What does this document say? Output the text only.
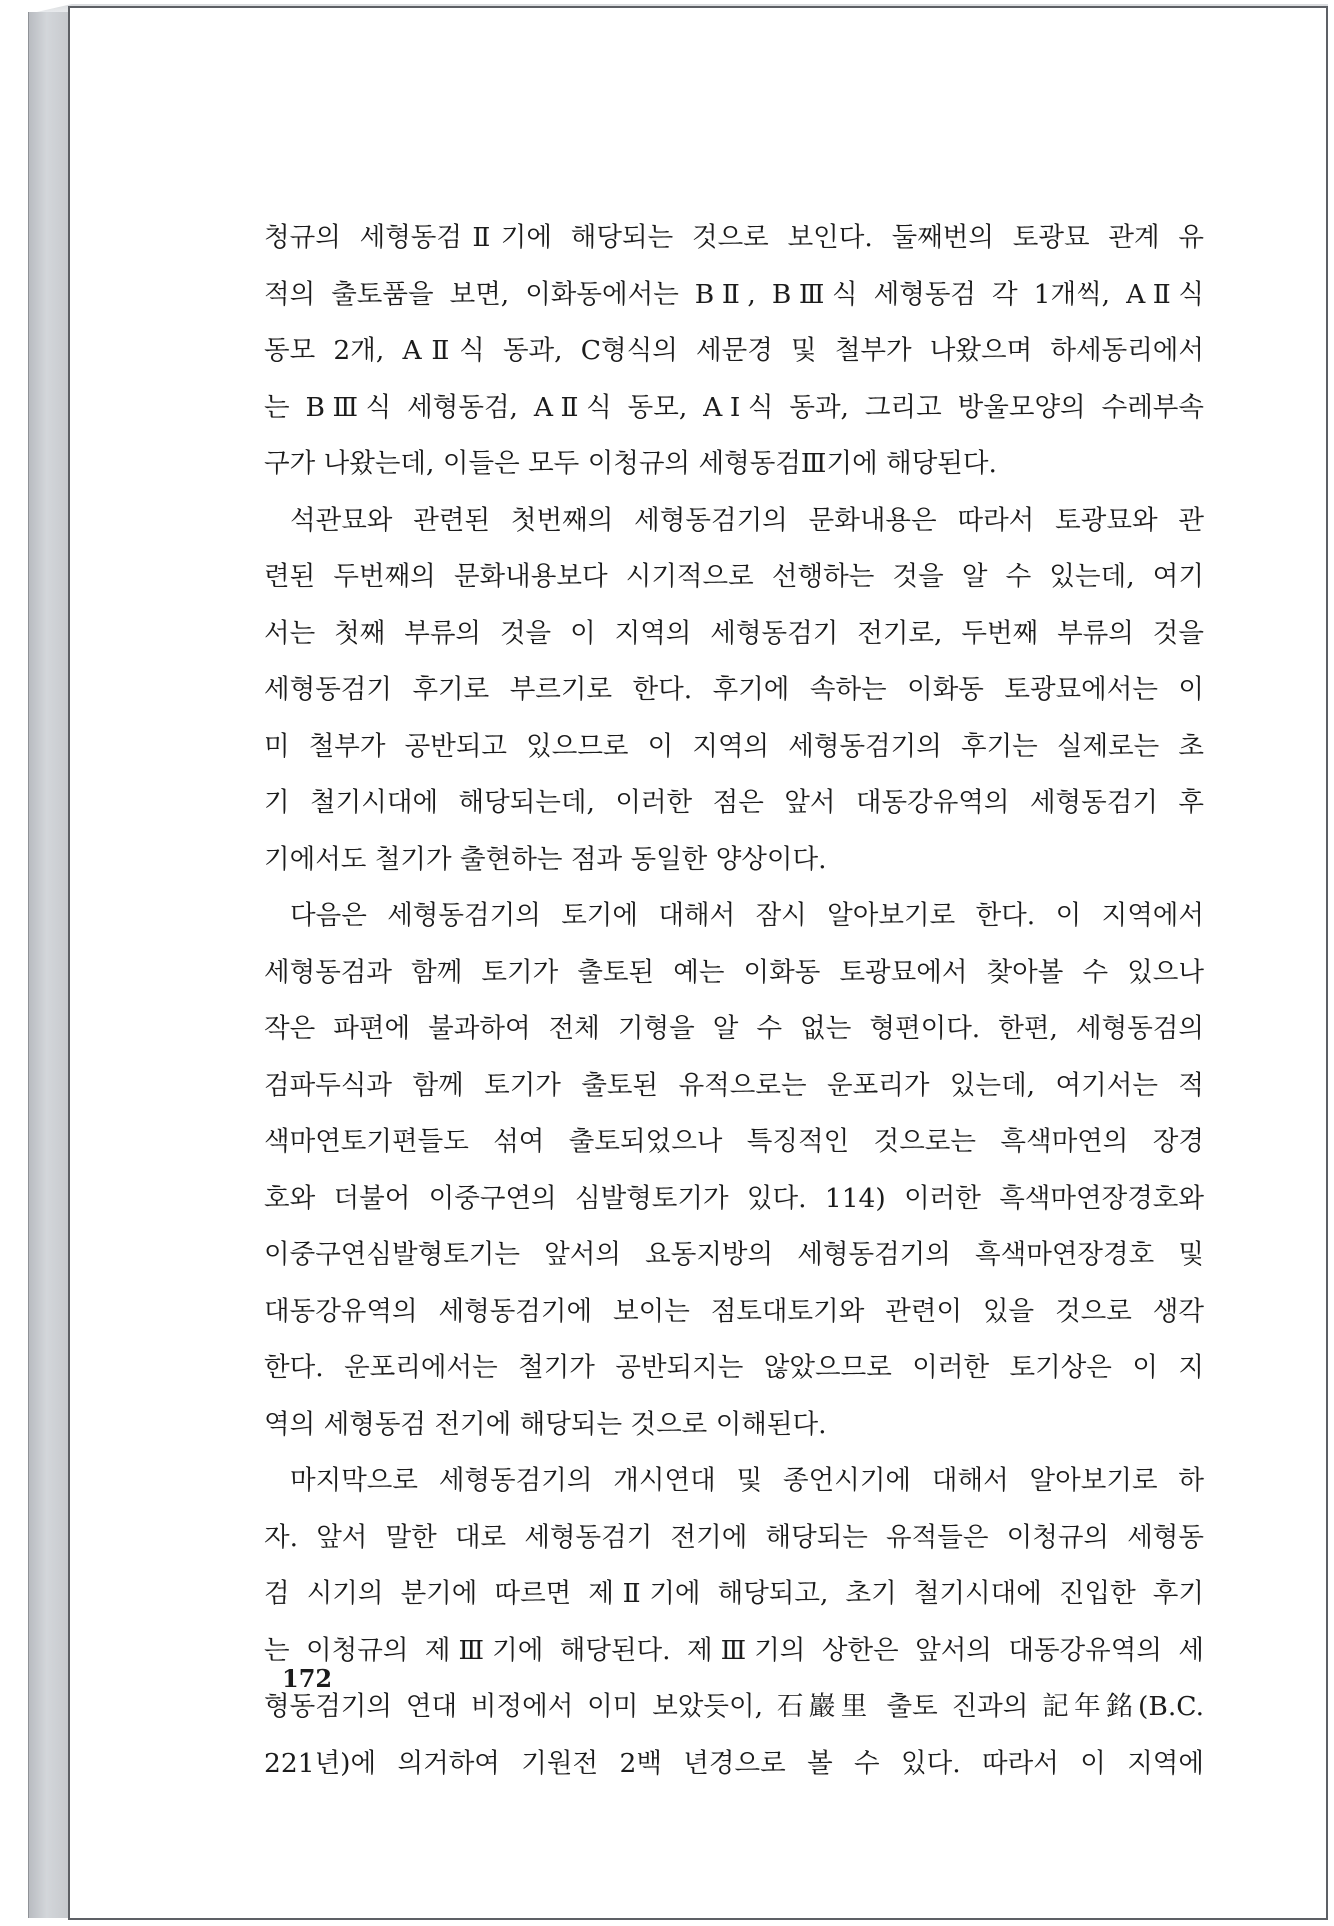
청규의 세형동검Ⅱ기에 해당되는 것으로 보인다. 둘째번의 토광묘 관계 유
적의 출토품을 보면, 이화동에서는 BⅡ, BⅢ식 세형동검 각 1개씩, AⅡ식
동모 2개, AⅡ식 동과, C형식의 세문경 및 철부가 나왔으며 하세동리에서
는 BⅢ식 세형동검, AⅡ식 동모, AⅠ식 동과, 그리고 방울모양의 수레부속
구가 나왔는데, 이들은 모두 이청규의 세형동검Ⅲ기에 해당된다.
석관묘와 관련된 첫번째의 세형동검기의 문화내용은 따라서 토광묘와 관
련된 두번째의 문화내용보다 시기적으로 선행하는 것을 알 수 있는데, 여기
서는 첫째 부류의 것을 이 지역의 세형동검기 전기로, 두번째 부류의 것을
세형동검기 후기로 부르기로 한다. 후기에 속하는 이화동 토광묘에서는 이
미 철부가 공반되고 있으므로 이 지역의 세형동검기의 후기는 실제로는 초
기 철기시대에 해당되는데, 이러한 점은 앞서 대동강유역의 세형동검기 후
기에서도 철기가 출현하는 점과 동일한 양상이다.
다음은 세형동검기의 토기에 대해서 잠시 알아보기로 한다. 이 지역에서
세형동검과 함께 토기가 출토된 예는 이화동 토광묘에서 찾아볼 수 있으나
작은 파편에 불과하여 전체 기형을 알 수 없는 형편이다. 한편, 세형동검의
검파두식과 함께 토기가 출토된 유적으로는 운포리가 있는데, 여기서는 적
색마연토기편들도 섞여 출토되었으나 특징적인 것으로는 흑색마연의 장경
호와 더불어 이중구연의 심발형토기가 있다. 114) 이러한 흑색마연장경호와
이중구연심발형토기는 앞서의 요동지방의 세형동검기의 흑색마연장경호 및
대동강유역의 세형동검기에 보이는 점토대토기와 관련이 있을 것으로 생각
한다. 운포리에서는 철기가 공반되지는 않았으므로 이러한 토기상은 이 지
역의 세형동검 전기에 해당되는 것으로 이해된다.
마지막으로 세형동검기의 개시연대 및 종언시기에 대해서 알아보기로 하
자. 앞서 말한 대로 세형동검기 전기에 해당되는 유적들은 이청규의 세형동
검 시기의 분기에 따르면 제Ⅱ기에 해당되고, 초기 철기시대에 진입한 후기
는 이청규의 제Ⅲ기에 해당된다. 제Ⅲ기의 상한은 앞서의 대동강유역의 세
형동검기의 연대 비정에서 이미 보았듯이, 石巖里 출토 진과의 記年銘(B.C.
221년)에 의거하여 기원전 2백 년경으로 볼 수 있다. 따라서 이 지역에
172
